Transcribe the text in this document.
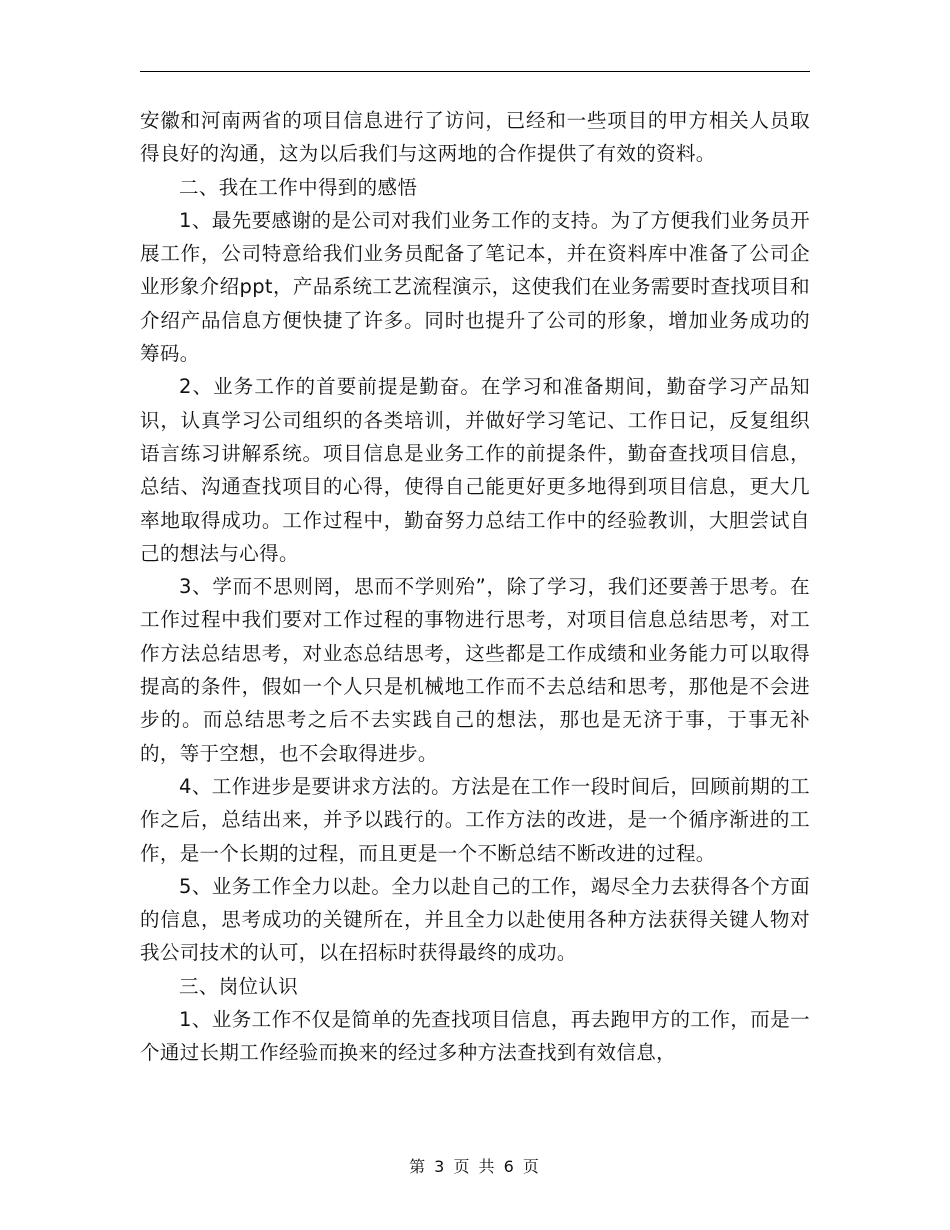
安徽和河南两省的项目信息进行了访问，已经和一些项目的甲方相关人员取得良好的沟通，这为以后我们与这两地的合作提供了有效的资料。

二、我在工作中得到的感悟

1、最先要感谢的是公司对我们业务工作的支持。为了方便我们业务员开展工作，公司特意给我们业务员配备了笔记本，并在资料库中准备了公司企业形象介绍ppt，产品系统工艺流程演示，这使我们在业务需要时查找项目和介绍产品信息方便快捷了许多。同时也提升了公司的形象，增加业务成功的筹码。

2、业务工作的首要前提是勤奋。在学习和准备期间，勤奋学习产品知识，认真学习公司组织的各类培训，并做好学习笔记、工作日记，反复组织语言练习讲解系统。项目信息是业务工作的前提条件，勤奋查找项目信息，总结、沟通查找项目的心得，使得自己能更好更多地得到项目信息，更大几率地取得成功。工作过程中，勤奋努力总结工作中的经验教训，大胆尝试自己的想法与心得。

3、学而不思则罔，思而不学则殆”，除了学习，我们还要善于思考。在工作过程中我们要对工作过程的事物进行思考，对项目信息总结思考，对工作方法总结思考，对业态总结思考，这些都是工作成绩和业务能力可以取得提高的条件，假如一个人只是机械地工作而不去总结和思考，那他是不会进步的。而总结思考之后不去实践自己的想法，那也是无济于事，于事无补的，等于空想，也不会取得进步。

4、工作进步是要讲求方法的。方法是在工作一段时间后，回顾前期的工作之后，总结出来，并予以践行的。工作方法的改进，是一个循序渐进的工作，是一个长期的过程，而且更是一个不断总结不断改进的过程。

5、业务工作全力以赴。全力以赴自己的工作，竭尽全力去获得各个方面的信息，思考成功的关键所在，并且全力以赴使用各种方法获得关键人物对我公司技术的认可，以在招标时获得最终的成功。

三、岗位认识

1、业务工作不仅是简单的先查找项目信息，再去跑甲方的工作，而是一个通过长期工作经验而换来的经过多种方法查找到有效信息，

第 3 页 共 6 页
